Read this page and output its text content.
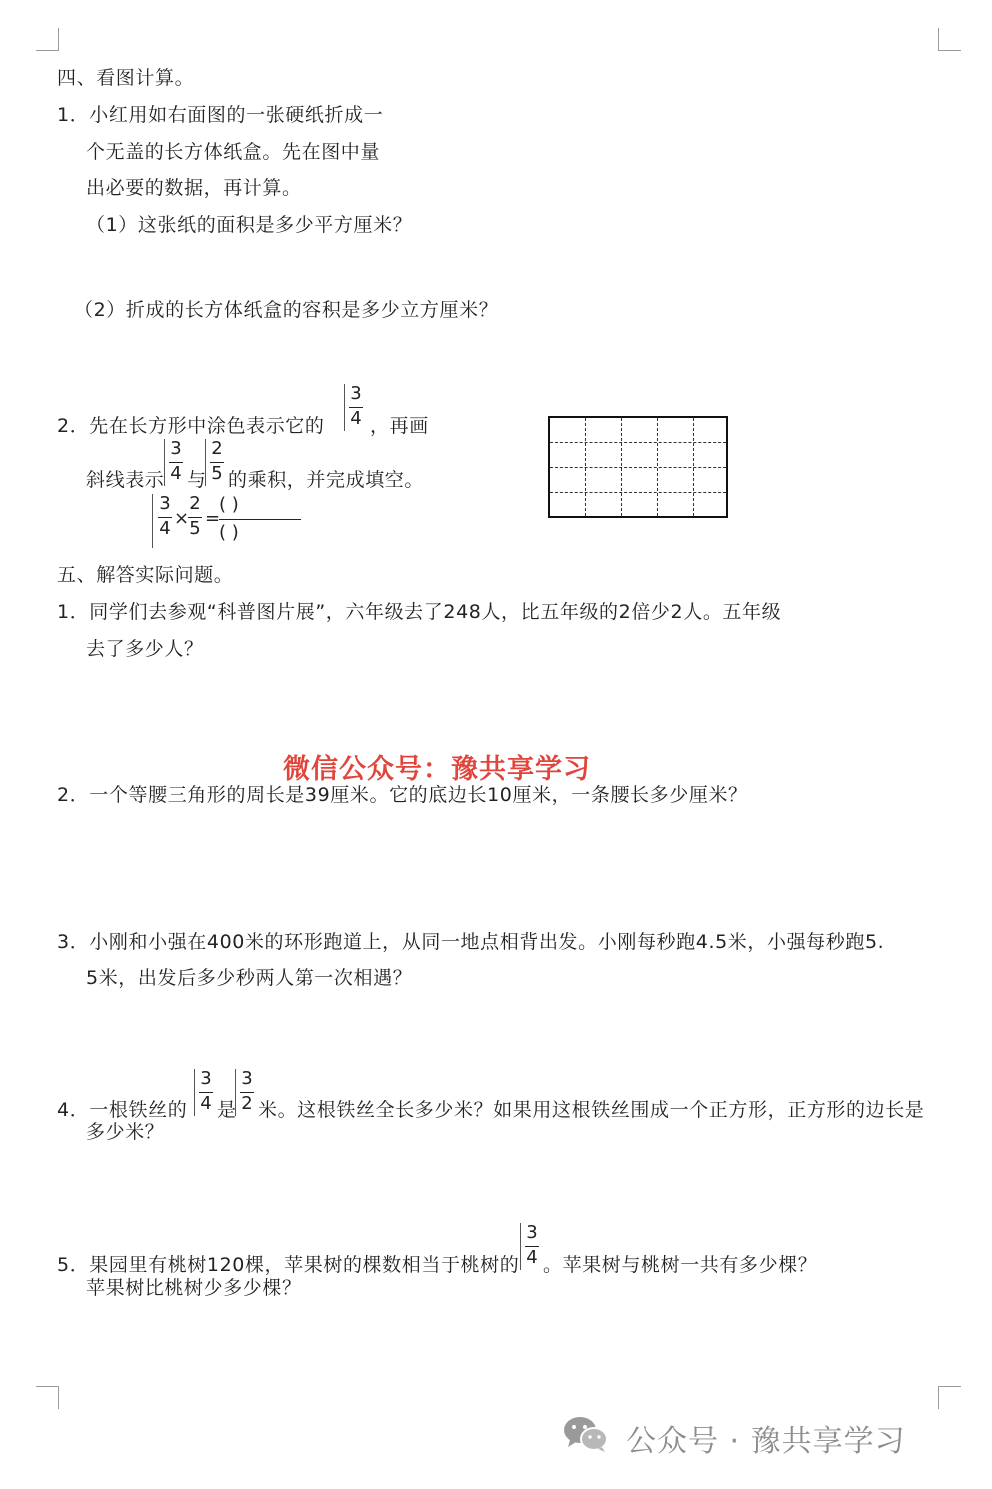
四、看图计算。
1．小红用如右面图的一张硬纸折成一
个无盖的长方体纸盒。先在图中量
出必要的数据，再计算。
（1）这张纸的面积是多少平方厘米？
（2）折成的长方体纸盒的容积是多少立方厘米？
3
4
2．先在长方形中涂色表示它的 ，再画
斜线表示
3
4 与
2
5 的乘积，并完成填空。
3
4 ×
2
5 =
( )
( )
五、解答实际问题。
1．同学们去参观“科普图片展”，六年级去了248人，比五年级的2倍少2人。五年级
去了多少人？
微信公众号：豫共享学习
2．一个等腰三角形的周长是39厘米。它的底边长10厘米，一条腰长多少厘米？
3．小刚和小强在400米的环形跑道上，从同一地点相背出发。小刚每秒跑4.5米，小强每秒跑5.
5米，出发后多少秒两人第一次相遇？
4．一根铁丝的
3
4 是
3
2 米。这根铁丝全长多少米？如果用这根铁丝围成一个正方形，正方形的边长是
多少米？
5．果园里有桃树120棵，苹果树的棵数相当于桃树的
3
4 。苹果树与桃树一共有多少棵？
苹果树比桃树少多少棵？
公众号 · 豫共享学习
